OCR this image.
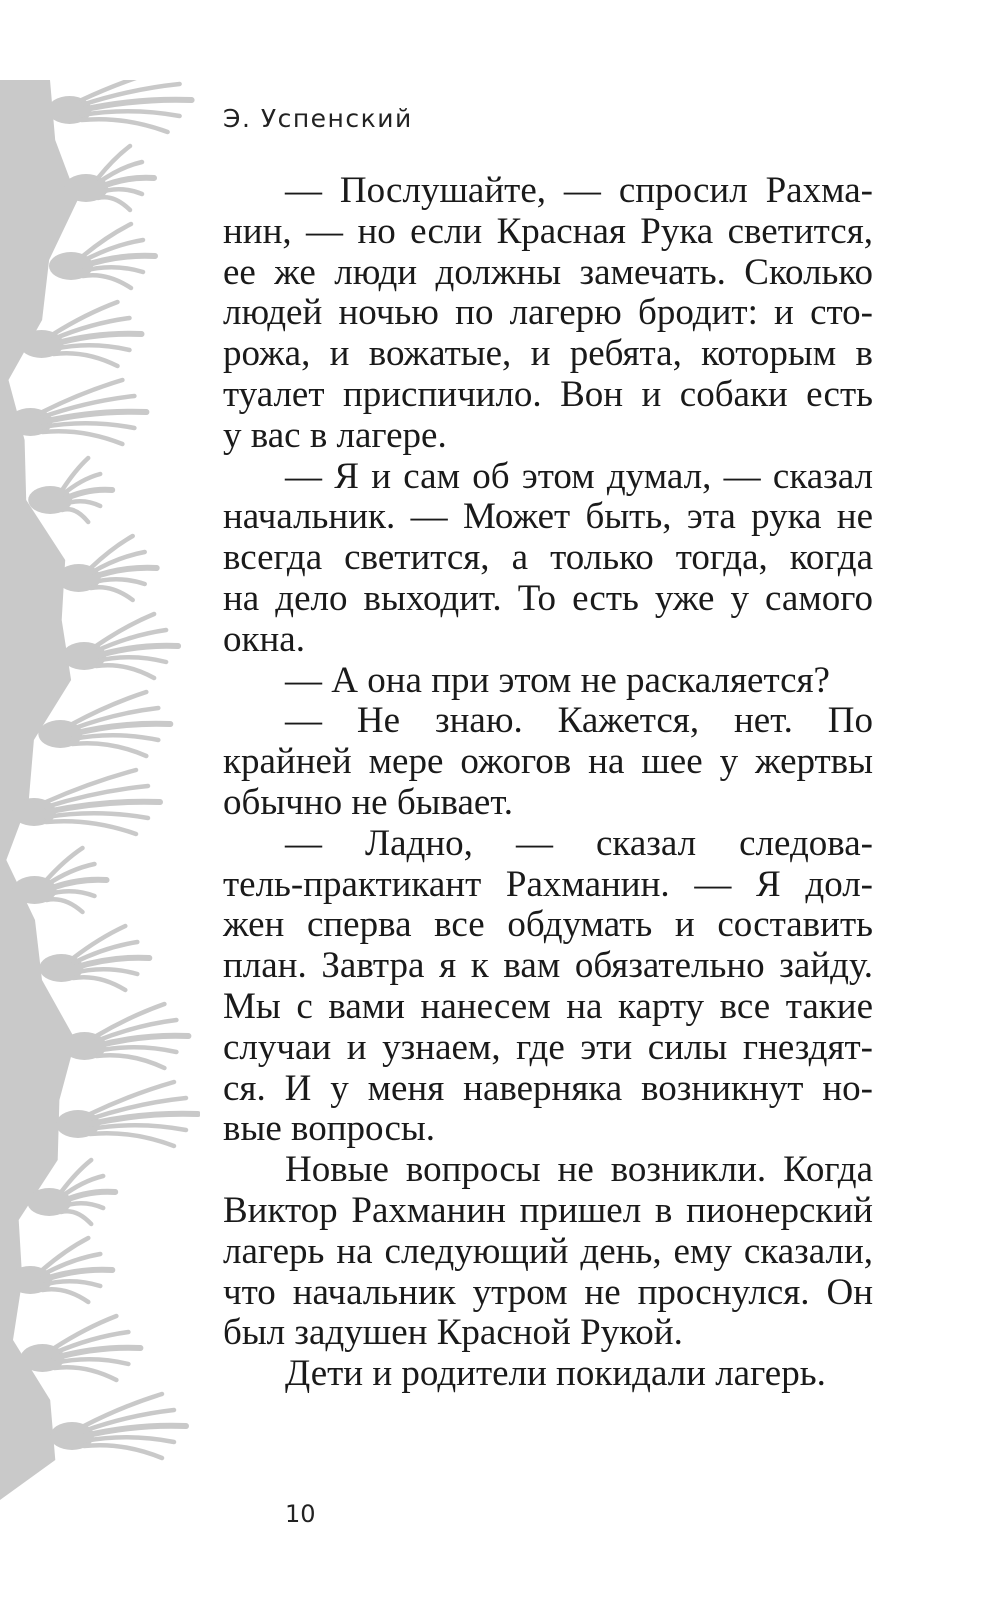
Э. Успенский
— Послушайте, — спросил Рахма-
нин, — но если Красная Рука светится,
ее же люди должны замечать. Сколько
людей ночью по лагерю бродит: и сто-
рожа, и вожатые, и ребята, которым в
туалет приспичило. Вон и собаки есть
у вас в лагере.
— Я и сам об этом думал, — сказал
начальник. — Может быть, эта рука не
всегда светится, а только тогда, когда
на дело выходит. То есть уже у самого
окна.
— А она при этом не раскаляется?
— Не знаю. Кажется, нет. По
крайней мере ожогов на шее у жертвы
обычно не бывает.
— Ладно, — сказал следова-
тель-практикант Рахманин. — Я дол-
жен сперва все обдумать и составить
план. Завтра я к вам обязательно зайду.
Мы с вами нанесем на карту все такие
случаи и узнаем, где эти силы гнездят-
ся. И у меня наверняка возникнут но-
вые вопросы.
Новые вопросы не возникли. Когда
Виктор Рахманин пришел в пионерский
лагерь на следующий день, ему сказали,
что начальник утром не проснулся. Он
был задушен Красной Рукой.
Дети и родители покидали лагерь.
10
